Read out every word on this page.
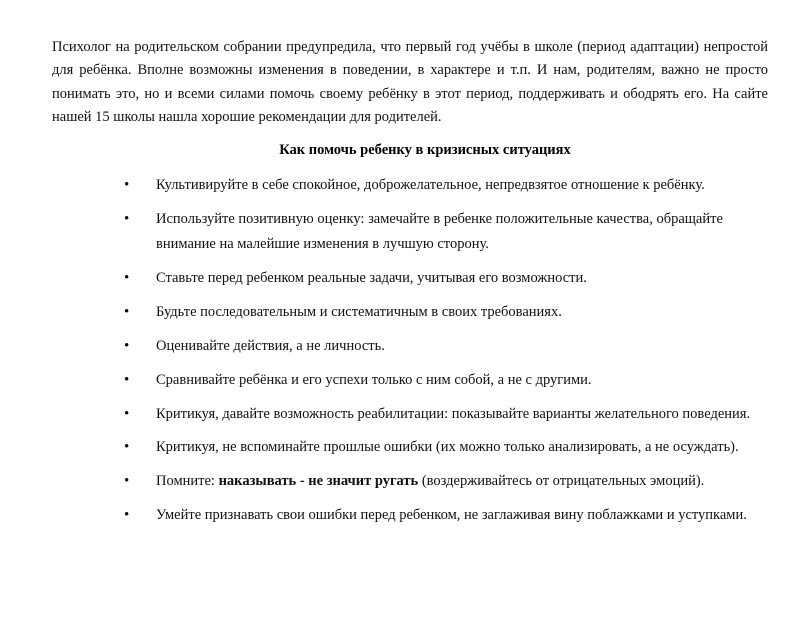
Психолог на родительском собрании предупредила, что первый год учёбы в школе (период адаптации) непростой для ребёнка. Вполне возможны изменения в поведении, в характере и т.п. И нам, родителям, важно не просто понимать это, но и всеми силами помочь своему ребёнку в этот период, поддерживать и ободрять его. На сайте нашей 15 школы нашла хорошие рекомендации для родителей.

Как помочь ребенку в кризисных ситуациях

• Культивируйте в себе спокойное, доброжелательное, непредвзятое отношение к ребёнку.
• Используйте позитивную оценку: замечайте в ребенке положительные качества, обращайте внимание на малейшие изменения в лучшую сторону.
• Ставьте перед ребенком реальные задачи, учитывая его возможности.
• Будьте последовательным и систематичным в своих требованиях.
• Оценивайте действия, а не личность.
• Сравнивайте ребёнка и его успехи только с ним собой, а не с другими.
• Критикуя, давайте возможность реабилитации: показывайте варианты желательного поведения.
• Критикуя, не вспоминайте прошлые ошибки (их можно только анализировать, а не осуждать).
• Помните: наказывать - не значит ругать (воздерживайтесь от отрицательных эмоций).
• Умейте признавать свои ошибки перед ребенком, не заглаживая вину поблажками и уступками.
